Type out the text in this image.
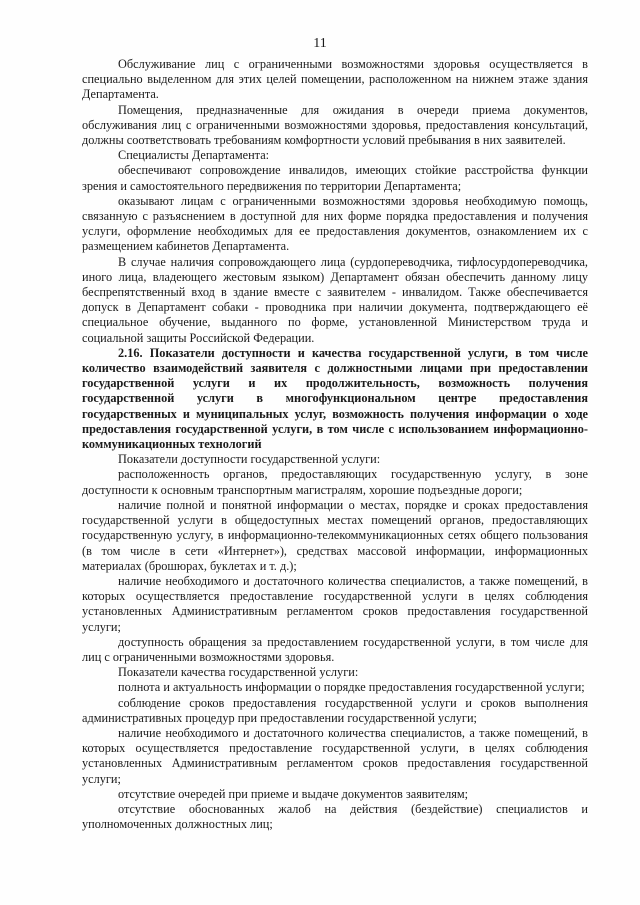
11

Обслуживание лиц с ограниченными возможностями здоровья осуществляется в специально выделенном для этих целей помещении, расположенном на нижнем этаже здания Департамента.

Помещения, предназначенные для ожидания в очереди приема документов, обслуживания лиц с ограниченными возможностями здоровья, предоставления консультаций, должны соответствовать требованиям комфортности условий пребывания в них заявителей.

Специалисты Департамента:

обеспечивают сопровождение инвалидов, имеющих стойкие расстройства функции зрения и самостоятельного передвижения по территории Департамента;

оказывают лицам с ограниченными возможностями здоровья необходимую помощь, связанную с разъяснением в доступной для них форме порядка предоставления и получения услуги, оформление необходимых для ее предоставления документов, ознакомлением их с размещением кабинетов Департамента.

В случае наличия сопровождающего лица (сурдопереводчика, тифлосурдопереводчика, иного лица, владеющего жестовым языком) Департамент обязан обеспечить данному лицу беспрепятственный вход в здание вместе с заявителем - инвалидом. Также обеспечивается допуск в Департамент собаки - проводника при наличии документа, подтверждающего её специальное обучение, выданного по форме, установленной Министерством труда и социальной защиты Российской Федерации.

2.16. Показатели доступности и качества государственной услуги, в том числе количество взаимодействий заявителя с должностными лицами при предоставлении государственной услуги и их продолжительность, возможность получения государственной услуги в многофункциональном центре предоставления государственных и муниципальных услуг, возможность получения информации о ходе предоставления государственной услуги, в том числе с использованием информационно-коммуникационных технологий

Показатели доступности государственной услуги:

расположенность органов, предоставляющих государственную услугу, в зоне доступности к основным транспортным магистралям, хорошие подъездные дороги;

наличие полной и понятной информации о местах, порядке и сроках предоставления государственной услуги в общедоступных местах помещений органов, предоставляющих государственную услугу, в информационно-телекоммуникационных сетях общего пользования (в том числе в сети «Интернет»), средствах массовой информации, информационных материалах (брошюрах, буклетах и т. д.);

наличие необходимого и достаточного количества специалистов, а также помещений, в которых осуществляется предоставление государственной услуги в целях соблюдения установленных Административным регламентом сроков предоставления государственной услуги;

доступность обращения за предоставлением государственной услуги, в том числе для лиц с ограниченными возможностями здоровья.

Показатели качества государственной услуги:

полнота и актуальность информации о порядке предоставления государственной услуги;

соблюдение сроков предоставления государственной услуги и сроков выполнения административных процедур при предоставлении государственной услуги;

наличие необходимого и достаточного количества специалистов, а также помещений, в которых осуществляется предоставление государственной услуги, в целях соблюдения установленных Административным регламентом сроков предоставления государственной услуги;

отсутствие очередей при приеме и выдаче документов заявителям;

отсутствие обоснованных жалоб на действия (бездействие) специалистов и уполномоченных должностных лиц;
